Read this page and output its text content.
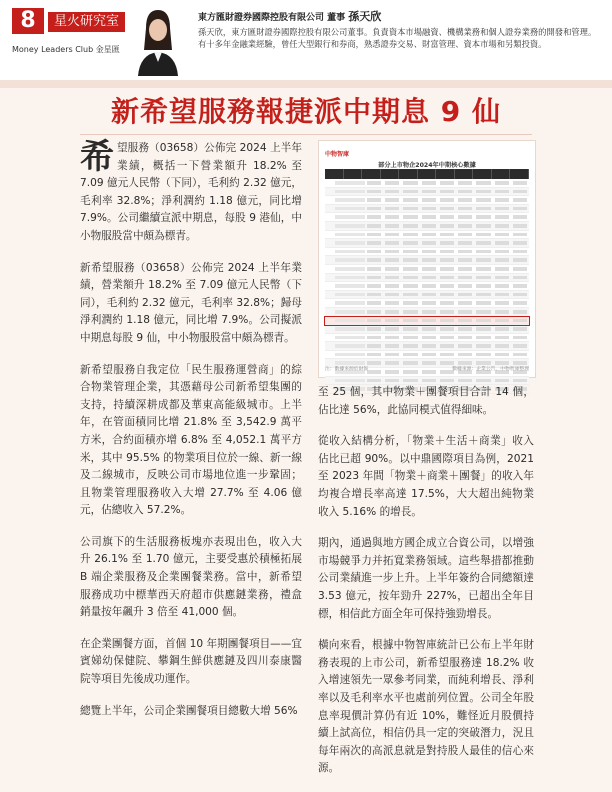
8	星火研究室
Money Leaders Club 金星匯
東方匯財證券國際控股有限公司 董事 孫天欣
孫天欣，東方匯財證券國際控股有限公司董事。負責資本市場融資、機構業務和個人證券業務的開發和管理。有十多年金融業經驗，曾任大型銀行和券商，熟悉證券交易、財富管理、資本市場和另類投資。
新希望服務報捷派中期息 9 仙

希望服務（03658）公佈完 2024 上半年業績，概括一下營業額升 18.2% 至 7.09 億元人民幣（下同），毛利約 2.32 億元，毛利率 32.8%；淨利潤約 1.18 億元，同比增 7.9%。公司繼續宣派中期息，每股 9 港仙，中小物服股當中頗為標青。

新希望服務（03658）公佈完 2024 上半年業績，營業額升 18.2% 至 7.09 億元人民幣（下同），毛利約 2.32 億元，毛利率 32.8%；歸母淨利潤約 1.18 億元，同比增 7.9%。公司擬派中期息每股 9 仙，中小物服股當中頗為標青。

新希望服務自我定位「民生服務運營商」的綜合物業管理企業，其憑藉母公司新希望集團的支持，持續深耕成都及華東高能級城市。上半年，在管面積同比增 21.8% 至 3,542.9 萬平方米，合約面積亦增 6.8% 至 4,052.1 萬平方米，其中 95.5% 的物業項目位於一線、新一線及二線城市，反映公司市場地位進一步鞏固；且物業管理服務收入大增 27.7% 至 4.06 億元，佔總收入 57.2%。

公司旗下的生活服務板塊亦表現出色，收入大升 26.1% 至 1.70 億元，主要受惠於積極拓展 B 端企業服務及企業團餐業務。當中，新希望服務成功中標華西天府超市供應鏈業務，禮盒銷量按年飆升 3 倍至 41,000 個。

在企業團餐方面，首個 10 年期團餐項目——宜賓娣幼保健院、攀鋼生鮮供應鏈及四川泰康醫院等項目先後成功運作。

總覽上半年，公司企業團餐項目總數大增 56%

中物智庫
部分上市物企2024年中期核心數據
注：數據來源於財報	數據來源：企業公告，中物智庫整理

至 25 個，其中物業＋團餐項目合計 14 個，佔比達 56%，此協同模式值得細味。

從收入結構分析，「物業＋生活＋商業」收入佔比已超 90%。以中鼎國際項目為例，2021 至 2023 年間「物業＋商業＋團餐」的收入年均複合增長率高達 17.5%，大大超出純物業收入 5.16% 的增長。

期內，通過與地方國企成立合資公司，以增強市場競爭力并拓寬業務領域。這些舉措都推動公司業績進一步上升。上半年簽約合同總額達 3.53 億元，按年勁升 227%，已超出全年目標，相信此方面全年可保持強勁增長。

橫向來看，根據中物智庫統計已公布上半年財務表現的上市公司，新希望服務達 18.2% 收入增速領先一眾參考同業，而純利增長、淨利率以及毛利率水平也處前列位置。公司全年股息率現價計算仍有近 10%，難怪近月股價持續上試高位，相信仍具一定的突破潛力，況且每年兩次的高派息就是對持股人最佳的信心來源。
